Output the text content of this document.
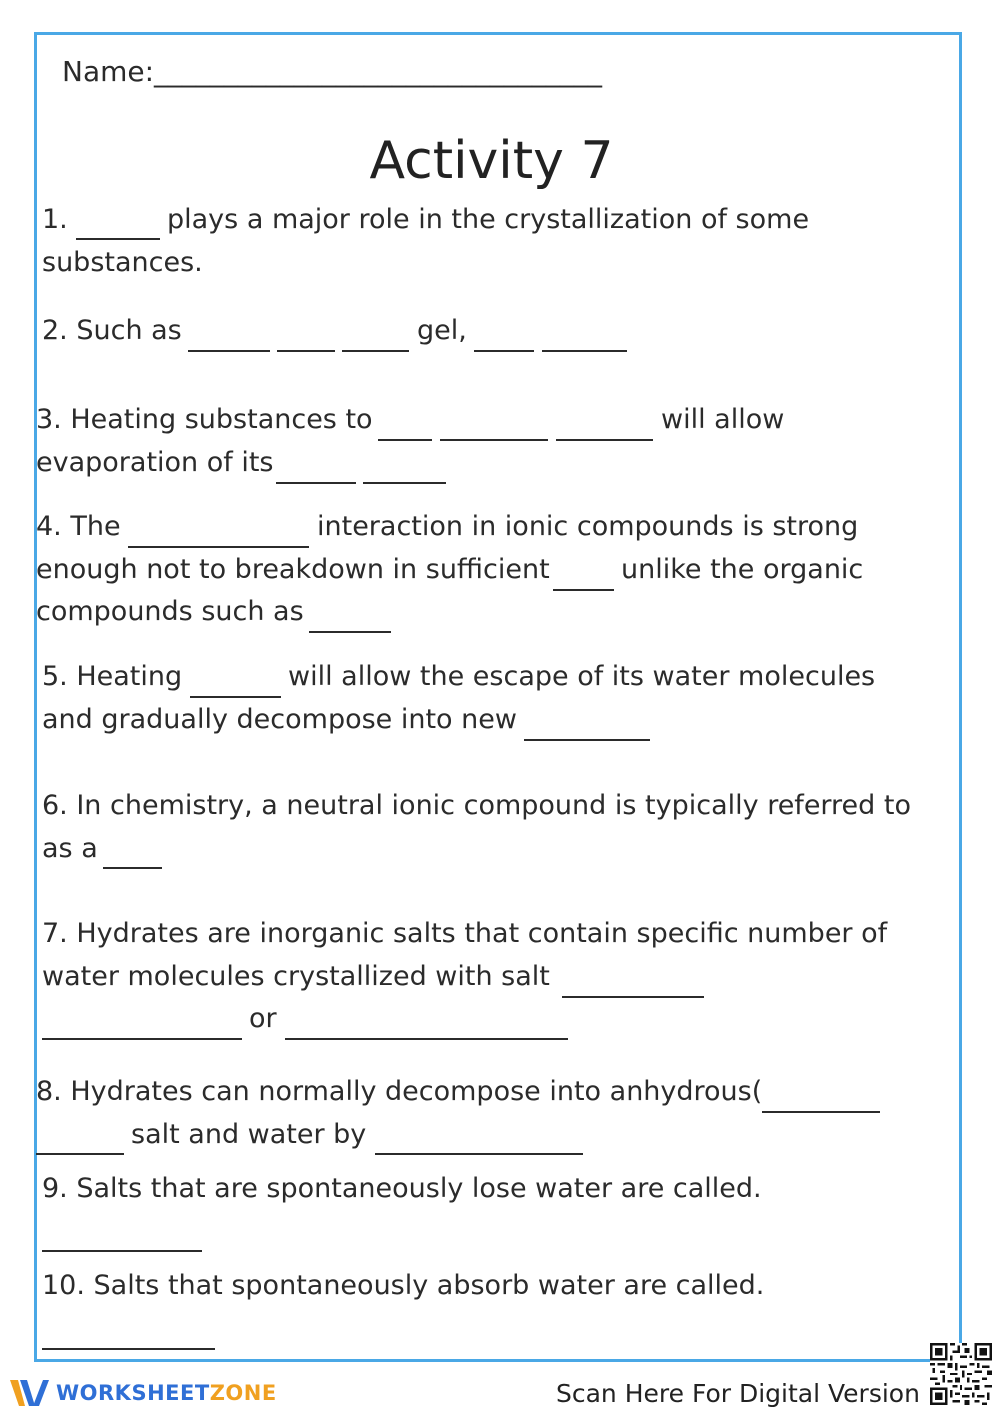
Name:________________________________
Activity 7
1.	plays a major role in the crystallization of some
substances.
2. Such as	gel,
3. Heating substances to	will allow
evaporation of its
4. The	interaction in ionic compounds is strong
enough not to breakdown in sufficient	unlike the organic
compounds such as
5. Heating	will allow the escape of its water molecules
and gradually decompose into new
6. In chemistry, a neutral ionic compound is typically referred to
as a
7. Hydrates are inorganic salts that contain specific number of
water molecules crystallized with salt
or
8. Hydrates can normally decompose into anhydrous(
salt and water by
9. Salts that are spontaneously lose water are called.
10. Salts that spontaneously absorb water are called.
WORKSHEETZONE	Scan Here For Digital Version
